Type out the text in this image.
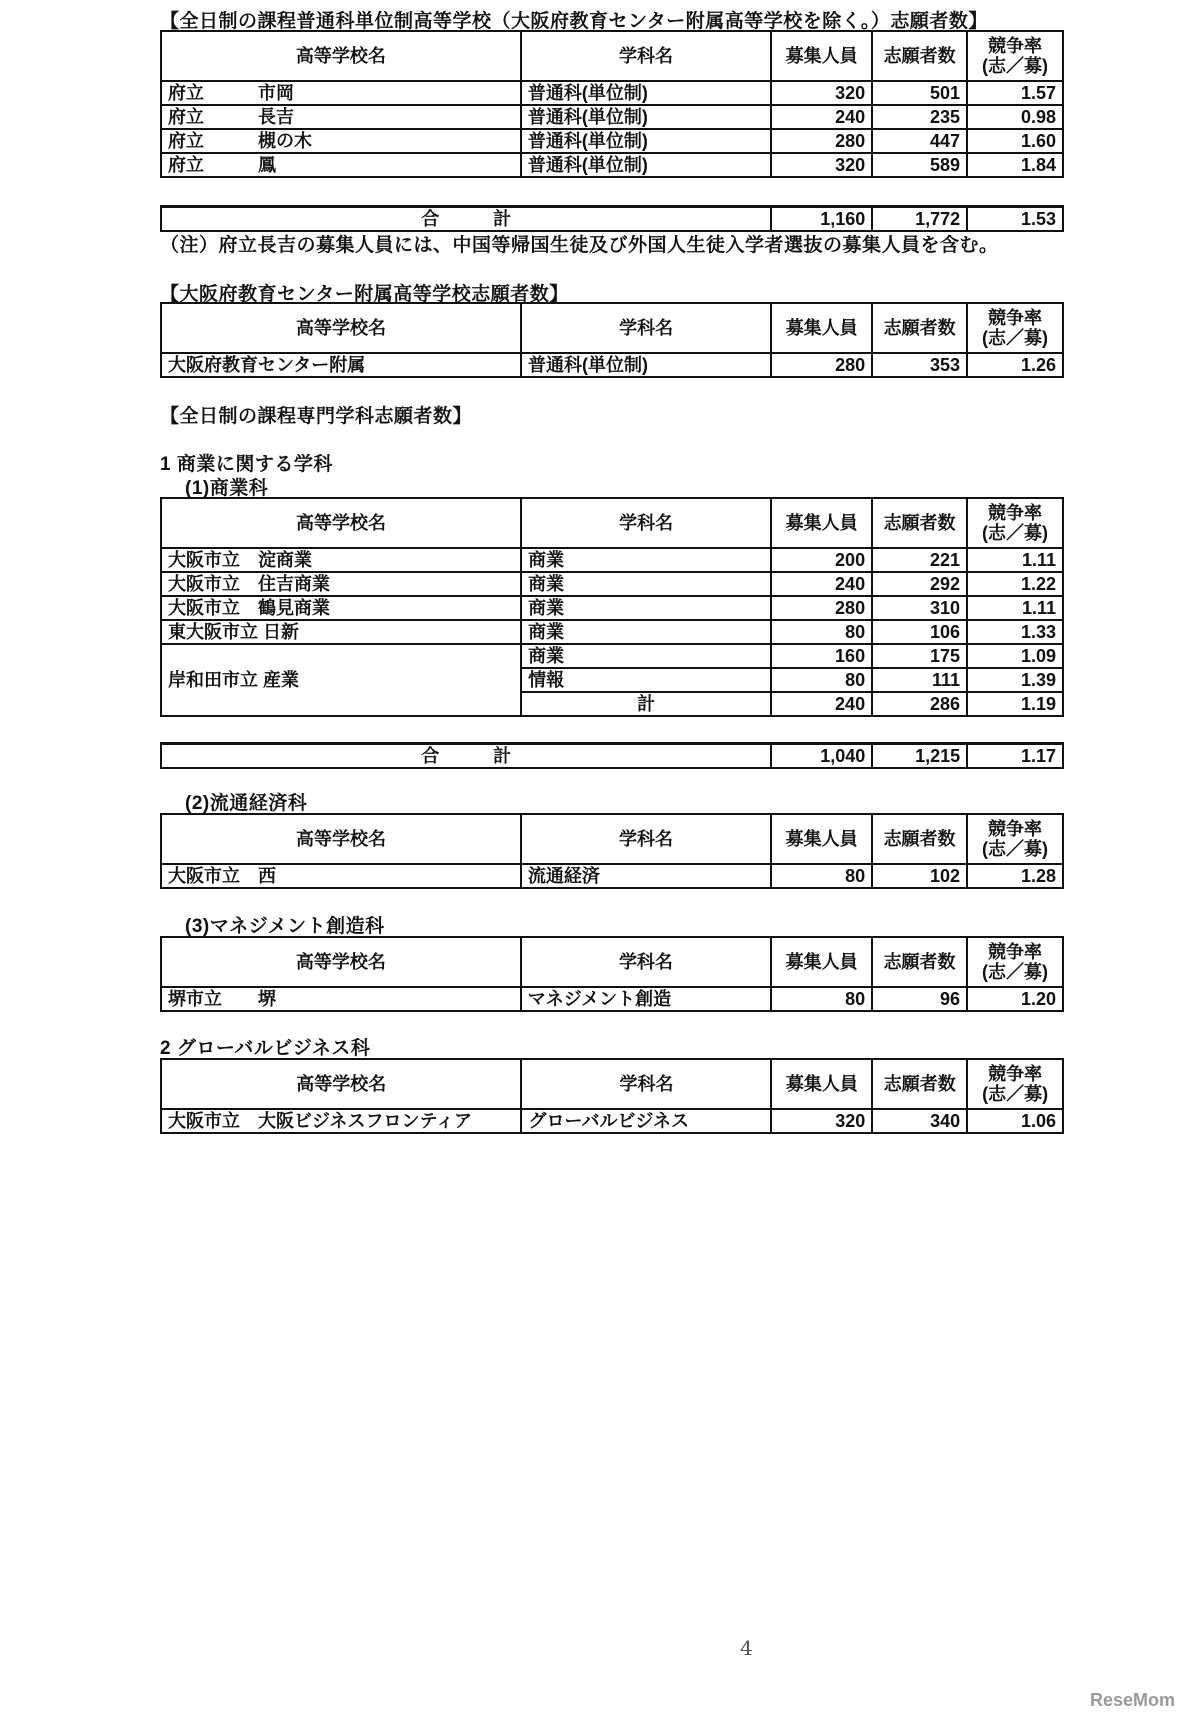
【全日制の課程普通科単位制高等学校（大阪府教育センター附属高等学校を除く。）志願者数】
高等学校名	学科名	募集人員	志願者数	競争率
(志／募)
府立　　　市岡	普通科(単位制)	320	501	1.57
府立　　　長吉	普通科(単位制)	240	235	0.98
府立　　　槻の木	普通科(単位制)	280	447	1.60
府立　　　鳳	普通科(単位制)	320	589	1.84
合　　　計	1,160	1,772	1.53
（注）府立長吉の募集人員には、中国等帰国生徒及び外国人生徒入学者選抜の募集人員を含む。
【大阪府教育センター附属高等学校志願者数】
高等学校名	学科名	募集人員	志願者数	競争率
(志／募)
大阪府教育センター附属	普通科(単位制)	280	353	1.26
【全日制の課程専門学科志願者数】
1 商業に関する学科
(1)商業科
高等学校名	学科名	募集人員	志願者数	競争率
(志／募)
大阪市立　淀商業	商業	200	221	1.11
大阪市立　住吉商業	商業	240	292	1.22
大阪市立　鶴見商業	商業	280	310	1.11
東大阪市立 日新	商業	80	106	1.33
岸和田市立 産業	商業	160	175	1.09
	情報	80	111	1.39
	計	240	286	1.19
合　　　計	1,040	1,215	1.17
(2)流通経済科
高等学校名	学科名	募集人員	志願者数	競争率
(志／募)
大阪市立　西	流通経済	80	102	1.28
(3)マネジメント創造科
高等学校名	学科名	募集人員	志願者数	競争率
(志／募)
堺市立　　堺	マネジメント創造	80	96	1.20
2 グローバルビジネス科
高等学校名	学科名	募集人員	志願者数	競争率
(志／募)
大阪市立　大阪ビジネスフロンティア	グローバルビジネス	320	340	1.06
4
ReseMom
